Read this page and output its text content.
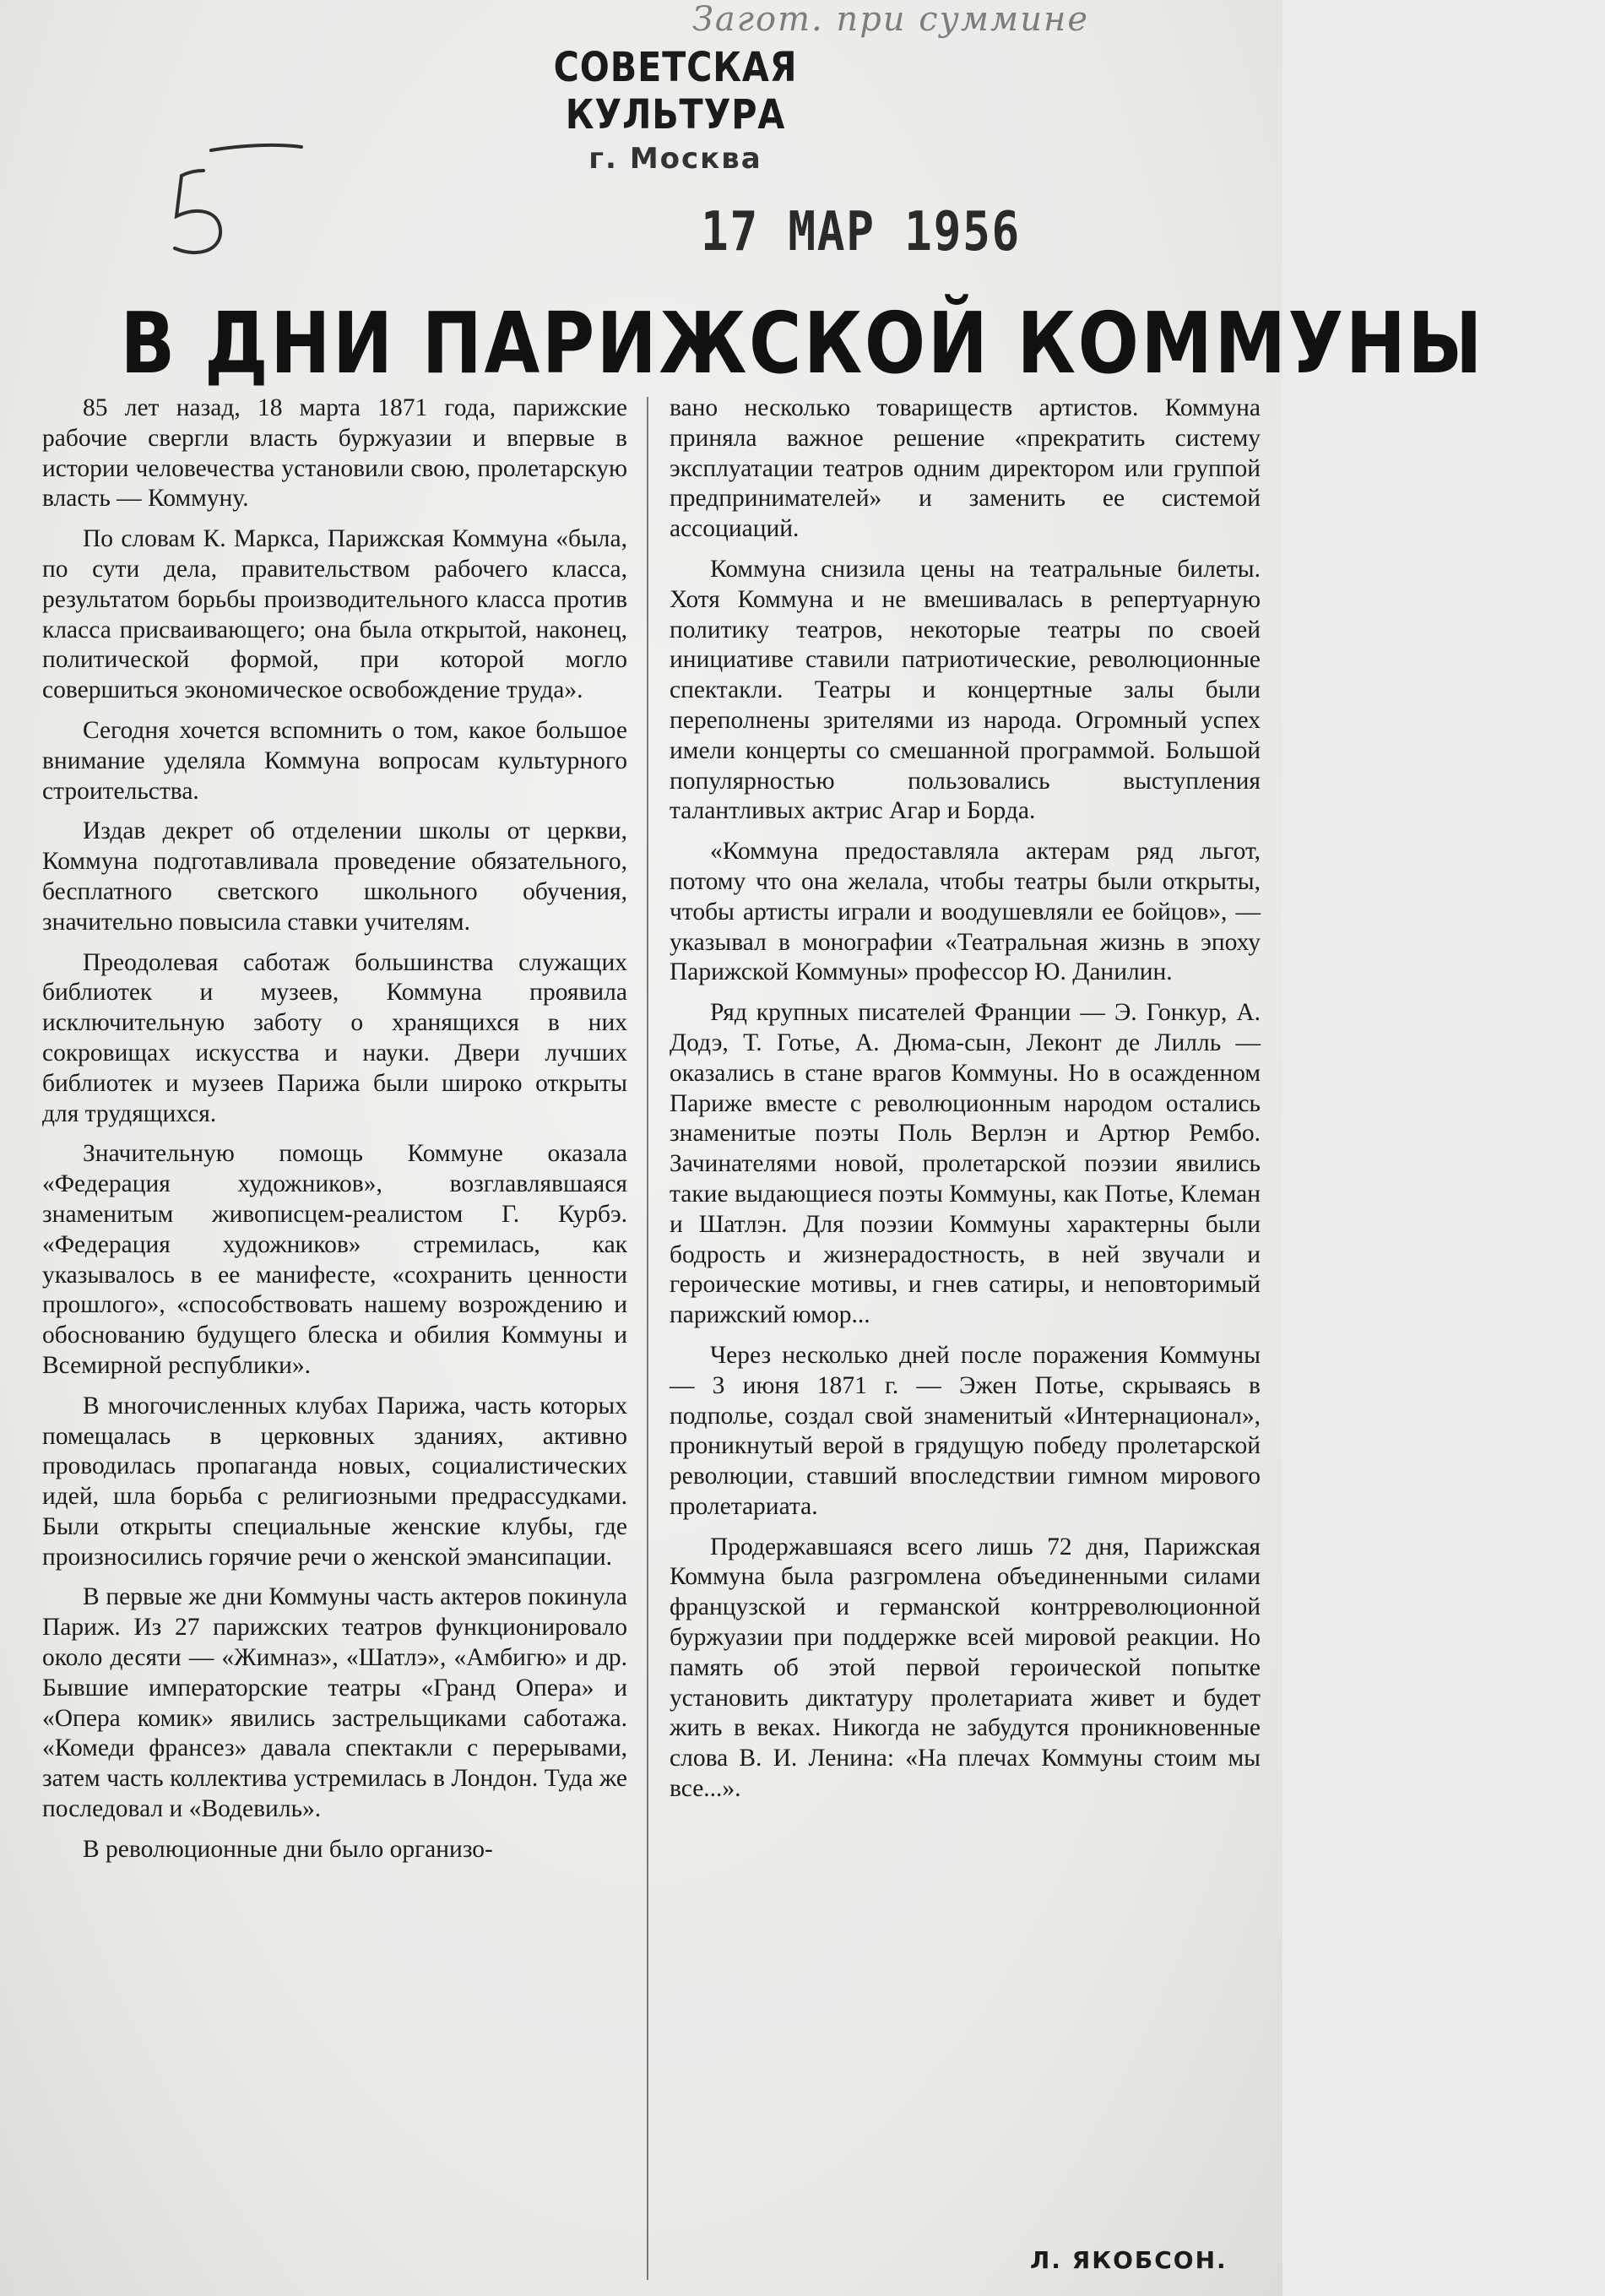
Загот. при суммине
СОВЕТСКАЯ КУЛЬТУРА
г. Москва
17 МАР 1956
В ДНИ ПАРИЖСКОЙ КОММУНЫ

85 лет назад, 18 марта 1871 года, парижские рабочие свергли власть буржуазии и впервые в истории человечества установили свою, пролетарскую власть — Коммуну.

По словам К. Маркса, Парижская Коммуна «была, по сути дела, правительством рабочего класса, результатом борьбы производительного класса против класса присваивающего; она была открытой, наконец, политической формой, при которой могло совершиться экономическое освобождение труда».

Сегодня хочется вспомнить о том, какое большое внимание уделяла Коммуна вопросам культурного строительства.

Издав декрет об отделении школы от церкви, Коммуна подготавливала проведение обязательного, бесплатного светского школьного обучения, значительно повысила ставки учителям.

Преодолевая саботаж большинства служащих библиотек и музеев, Коммуна проявила исключительную заботу о хранящихся в них сокровищах искусства и науки. Двери лучших библиотек и музеев Парижа были широко открыты для трудящихся.

Значительную помощь Коммуне оказала «Федерация художников», возглавлявшаяся знаменитым живописцем-реалистом Г. Курбэ. «Федерация художников» стремилась, как указывалось в ее манифесте, «сохранить ценности прошлого», «способствовать нашему возрождению и обоснованию будущего блеска и обилия Коммуны и Всемирной республики».

В многочисленных клубах Парижа, часть которых помещалась в церковных зданиях, активно проводилась пропаганда новых, социалистических идей, шла борьба с религиозными предрассудками. Были открыты специальные женские клубы, где произносились горячие речи о женской эмансипации.

В первые же дни Коммуны часть актеров покинула Париж. Из 27 парижских театров функционировало около десяти — «Жимназ», «Шатлэ», «Амбигю» и др. Бывшие императорские театры «Гранд Опера» и «Опера комик» явились застрельщиками саботажа. «Комеди франсез» давала спектакли с перерывами, затем часть коллектива устремилась в Лондон. Туда же последовал и «Водевиль».

В революционные дни было организо-

вано несколько товариществ артистов. Коммуна приняла важное решение «прекратить систему эксплуатации театров одним директором или группой предпринимателей» и заменить ее системой ассоциаций.

Коммуна снизила цены на театральные билеты. Хотя Коммуна и не вмешивалась в репертуарную политику театров, некоторые театры по своей инициативе ставили патриотические, революционные спектакли. Театры и концертные залы были переполнены зрителями из народа. Огромный успех имели концерты со смешанной программой. Большой популярностью пользовались выступления талантливых актрис Агар и Борда.

«Коммуна предоставляла актерам ряд льгот, потому что она желала, чтобы театры были открыты, чтобы артисты играли и воодушевляли ее бойцов», — указывал в монографии «Театральная жизнь в эпоху Парижской Коммуны» профессор Ю. Данилин.

Ряд крупных писателей Франции — Э. Гонкур, А. Додэ, Т. Готье, А. Дюма-сын, Леконт де Лилль — оказались в стане врагов Коммуны. Но в осажденном Париже вместе с революционным народом остались знаменитые поэты Поль Верлэн и Артюр Рембо. Зачинателями новой, пролетарской поэзии явились такие выдающиеся поэты Коммуны, как Потье, Клеман и Шатлэн. Для поэзии Коммуны характерны были бодрость и жизнерадостность, в ней звучали и героические мотивы, и гнев сатиры, и неповторимый парижский юмор...

Через несколько дней после поражения Коммуны — 3 июня 1871 г. — Эжен Потье, скрываясь в подполье, создал свой знаменитый «Интернационал», проникнутый верой в грядущую победу пролетарской революции, ставший впоследствии гимном мирового пролетариата.

Продержавшаяся всего лишь 72 дня, Парижская Коммуна была разгромлена объединенными силами французской и германской контрреволюционной буржуазии при поддержке всей мировой реакции. Но память об этой первой героической попытке установить диктатуру пролетариата живет и будет жить в веках. Никогда не забудутся проникновенные слова В. И. Ленина: «На плечах Коммуны стоим мы все...».

Л. ЯКОБСОН.
